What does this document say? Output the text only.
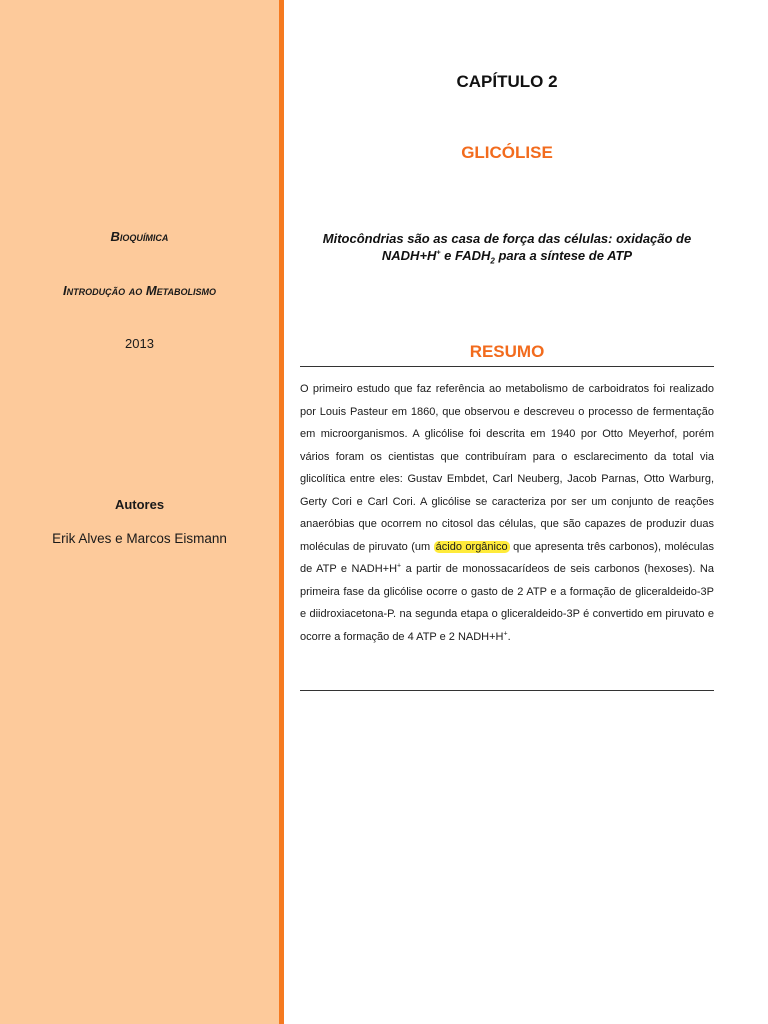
Bioquímica
Introdução ao Metabolismo
2013
Autores
Erik Alves e Marcos Eismann
CAPÍTULO 2
GLICÓLISE
Mitocôndrias são as casa de força das células: oxidação de
NADH+H+ e $FADH_2$ para a síntese de ATP
RESUMO
O primeiro estudo que faz referência ao metabolismo de carboidratos foi realizado por Louis Pasteur em 1860, que observou e descreveu o processo de fermentação em microorganismos. A glicólise foi descrita em 1940 por Otto Meyerhof, porém vários foram os cientistas que contribuíram para o esclarecimento da total via glicolítica entre eles: Gustav Embdet, Carl Neuberg, Jacob Parnas, Otto Warburg, Gerty Cori e Carl Cori. A glicólise se caracteriza por ser um conjunto de reações anaeróbias que ocorrem no citosol das células, que são capazes de produzir duas moléculas de piruvato (um ácido orgânico que apresenta três carbonos), moléculas de ATP e NADH+H+ a partir de monossacarídeos de seis carbonos (hexoses). Na primeira fase da glicólise ocorre o gasto de 2 ATP e a formação de gliceraldeido-3P e diidroxiacetona-P. na segunda etapa o gliceraldeido-3P é convertido em piruvato e ocorre a formação de 4 ATP e 2 NADH+H+.
